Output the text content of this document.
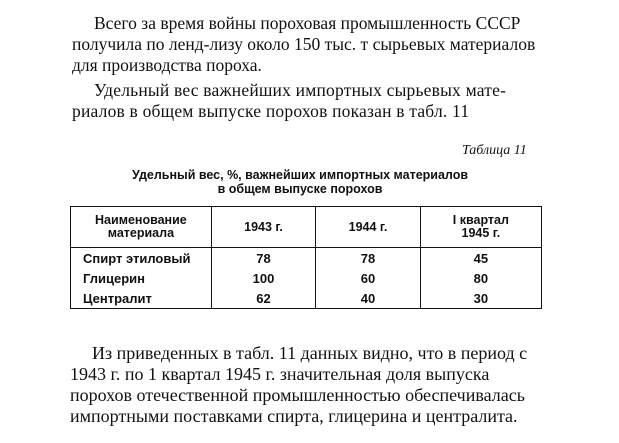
Всего за время войны пороховая промышленность СССР
получила по ленд-лизу около 150 тыс. т сырьевых материалов
для производства пороха.

Удельный вес важнейших импортных сырьевых мате-
риалов в общем выпуске порохов показан в табл. 11

Таблица 11

Удельный вес, %, важнейших импортных материалов
в общем выпуске порохов

Наименование
материала	1943 г.	1944 г.	I квартал
1945 г.
Спирт этиловый	78	78	45
Глицерин	100	60	80
Централит	62	40	30

Из приведенных в табл. 11 данных видно, что в период с
1943 г. по 1 квартал 1945 г. значительная доля выпуска
порохов отечественной промышленностью обеспечивалась
импортными поставками спирта, глицерина и централита.
